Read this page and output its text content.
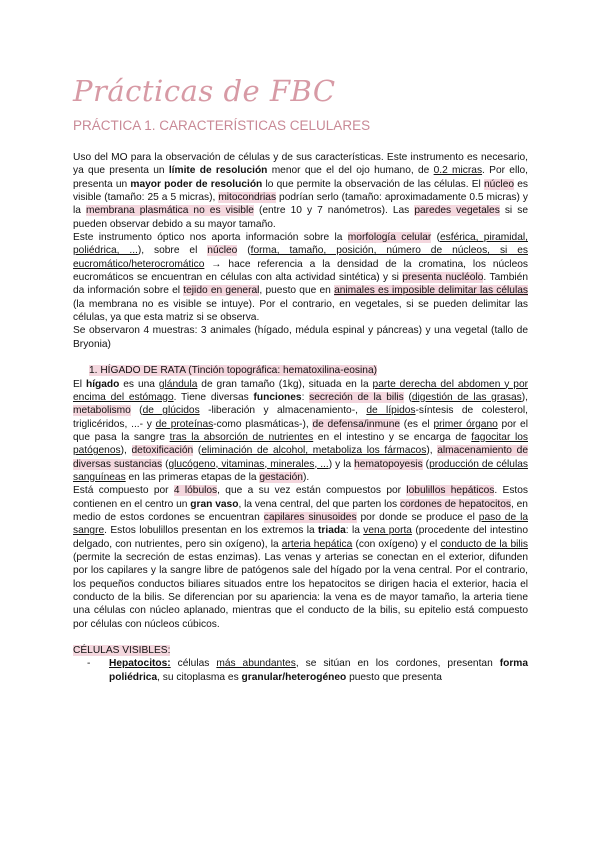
Prácticas de FBC
PRÁCTICA 1. CARACTERÍSTICAS CELULARES

Uso del MO para la observación de células y de sus características. Este instrumento es necesario, ya que presenta un límite de resolución menor que el del ojo humano, de 0.2 micras. Por ello, presenta un mayor poder de resolución lo que permite la observación de las células. El núcleo es visible (tamaño: 25 a 5 micras), mitocondrias podrían serlo (tamaño: aproximadamente 0.5 micras) y la membrana plasmática no es visible (entre 10 y 7 nanómetros). Las paredes vegetales si se pueden observar debido a su mayor tamaño.

Este instrumento óptico nos aporta información sobre la morfología celular (esférica, piramidal, poliédrica, ...), sobre el núcleo (forma, tamaño, posición, número de núcleos, si es eucromático/heterocromático → hace referencia a la densidad de la cromatina, los núcleos eucromáticos se encuentran en células con alta actividad sintética) y si presenta nucléolo. También da información sobre el tejido en general, puesto que en animales es imposible delimitar las células (la membrana no es visible se intuye). Por el contrario, en vegetales, si se pueden delimitar las células, ya que esta matriz si se observa.

Se observaron 4 muestras: 3 animales (hígado, médula espinal y páncreas) y una vegetal (tallo de Bryonia)

1. HÍGADO DE RATA (Tinción topográfica: hematoxilina-eosina)

El hígado es una glándula de gran tamaño (1kg), situada en la parte derecha del abdomen y por encima del estómago. Tiene diversas funciones: secreción de la bilis (digestión de las grasas), metabolismo (de glúcidos -liberación y almacenamiento-, de lípidos-síntesis de colesterol, triglicéridos, ...- y de proteínas-como plasmáticas-), de defensa/inmune (es el primer órgano por el que pasa la sangre tras la absorción de nutrientes en el intestino y se encarga de fagocitar los patógenos), detoxificación (eliminación de alcohol, metaboliza los fármacos), almacenamiento de diversas sustancias (glucógeno, vitaminas, minerales, ...) y la hematopoyesis (producción de células sanguíneas en las primeras etapas de la gestación).

Está compuesto por 4 lóbulos, que a su vez están compuestos por lobulillos hepáticos. Estos contienen en el centro un gran vaso, la vena central, del que parten los cordones de hepatocitos, en medio de estos cordones se encuentran capilares sinusoides por donde se produce el paso de la sangre. Estos lobulillos presentan en los extremos la triada: la vena porta (procedente del intestino delgado, con nutrientes, pero sin oxígeno), la arteria hepática (con oxígeno) y el conducto de la bilis (permite la secreción de estas enzimas). Las venas y arterias se conectan en el exterior, difunden por los capilares y la sangre libre de patógenos sale del hígado por la vena central. Por el contrario, los pequeños conductos biliares situados entre los hepatocitos se dirigen hacia el exterior, hacia el conducto de la bilis. Se diferencian por su apariencia: la vena es de mayor tamaño, la arteria tiene una células con núcleo aplanado, mientras que el conducto de la bilis, su epitelio está compuesto por células con núcleos cúbicos.

CÉLULAS VISIBLES:

-	Hepatocitos: células más abundantes, se sitúan en los cordones, presentan forma poliédrica, su citoplasma es granular/heterogéneo puesto que presenta
